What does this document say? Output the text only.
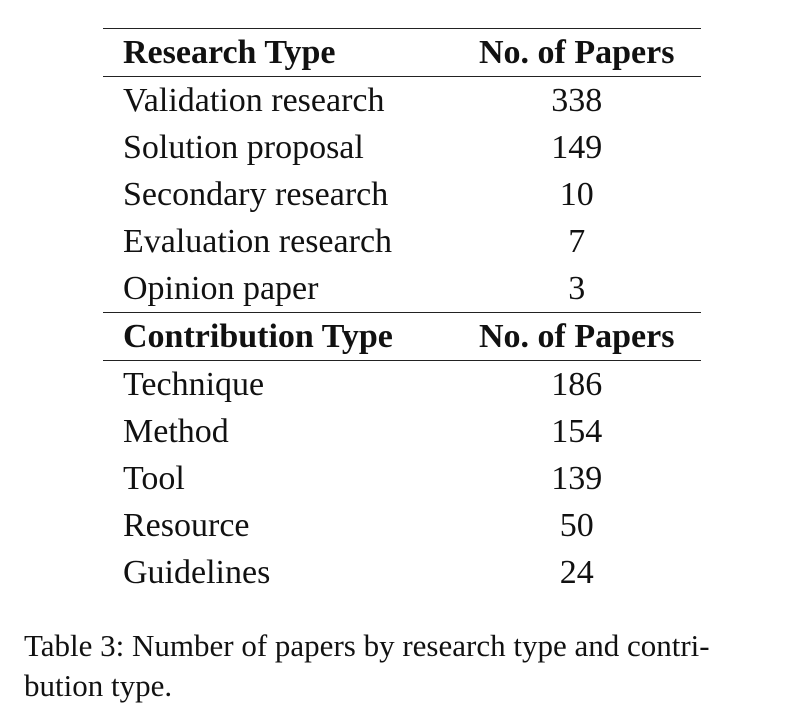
Research Type	No. of Papers
Validation research	338
Solution proposal	149
Secondary research	10
Evaluation research	7
Opinion paper	3
Contribution Type	No. of Papers
Technique	186
Method	154
Tool	139
Resource	50
Guidelines	24

Table 3: Number of papers by research type and contri-
bution type.
